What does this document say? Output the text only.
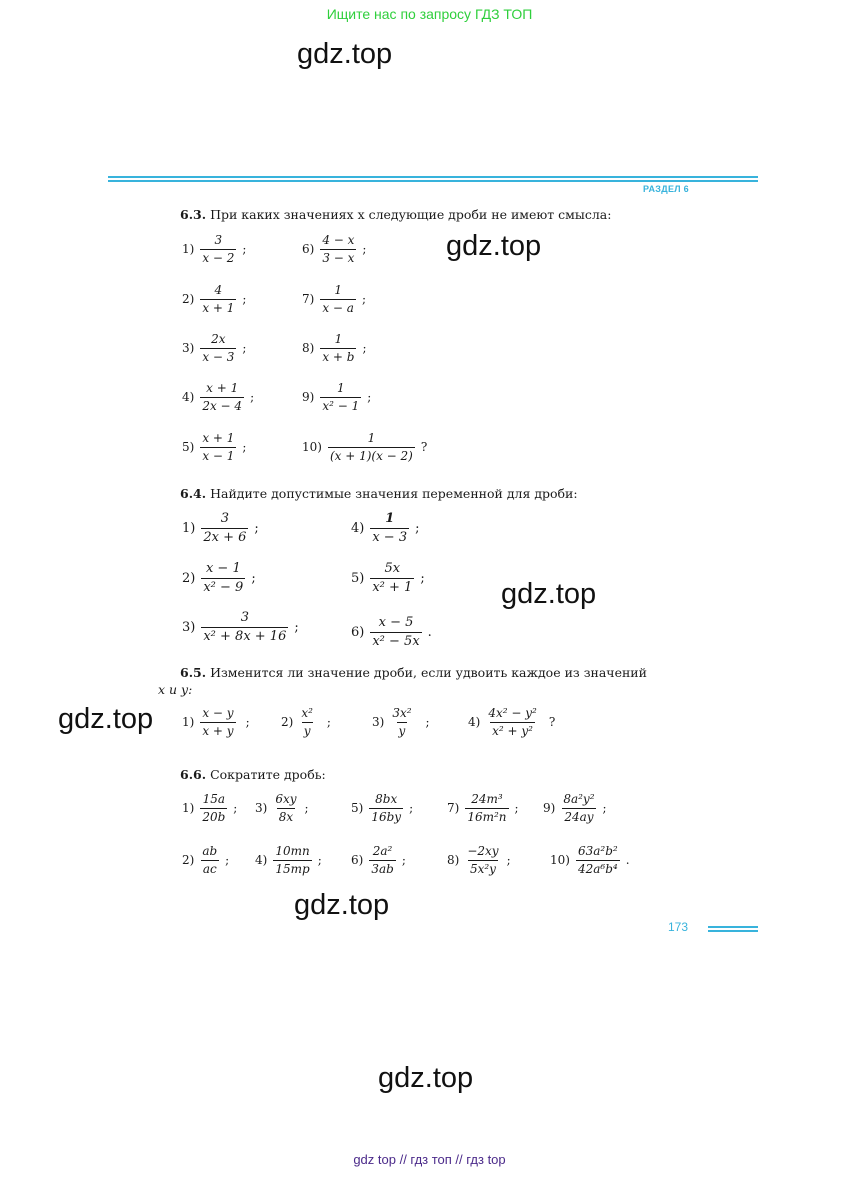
Ищите нас по запросу ГДЗ ТОП
gdz.top
gdz.top
gdz.top
gdz.top
gdz.top
gdz.top
РАЗДЕЛ 6
6.3. При каких значениях x следующие дроби не имеют смысла:
$1) \frac{3}{x - 2}$ ;
$2) \frac{4}{x + 1}$ ;
$3) \frac{2x}{x - 3}$ ;
$4) \frac{x + 1}{2x - 4}$ ;
$5) \frac{x + 1}{x - 1}$ ;
$6) \frac{4 - x}{3 - x}$ ;
$7) \frac{1}{x - a}$ ;
$8) \frac{1}{x + b}$ ;
$9) \frac{1}{\text{x² − 1}}$ ;
$10) \frac{1}{(x + 1)(x - 2)}$ ?
6.4. Найдите допустимые значения переменной для дроби:
$1) \frac{3}{2x + 6}$ ;
$2) \frac{x - 1}{\text{x² − 9}}$ ;
$3) \frac{3}{\text{x² + 8x + 16}}$ ;
$4) \frac{1}{x - 3}$ ;
$5) \frac{5x}{\text{x² + 1}}$ ;
$6) \frac{x - 5}{\text{x² − 5x}}$ .
6.5. Изменится ли значение дроби, если удвоить каждое из значений
x и y:
$1) \frac{x - y}{x + y}$ ;	$2) \frac{\text{x²}}{y}$ ;	$3) \frac{\text{3x²}}{y}$ ;	$4) \frac{\text{4x² − y²}}{\text{x² + y²}}$ ?
6.6. Сократите дробь:
$1) \frac{15a}{20b}$ ; $3) \frac{6xy}{8x}$ ;	$5) \frac{8bx}{16by}$ ;	$7) \frac{\text{24m³}}{\text{16m²n}}$ ; $9) \frac{\text{8a²y²}}{24ay}$ ;
$2) \frac{ab}{ac}$ ; $4) \frac{10mn}{15mp}$ ; $6) \frac{\text{2a²}}{3ab}$ ;	$8) \frac{-2xy}{\text{5x²y}}$ ;	$10) \frac{\text{63a²b²}}{\text{42a⁶b⁴}}$ .
173
gdz top // гдз топ // гдз top
